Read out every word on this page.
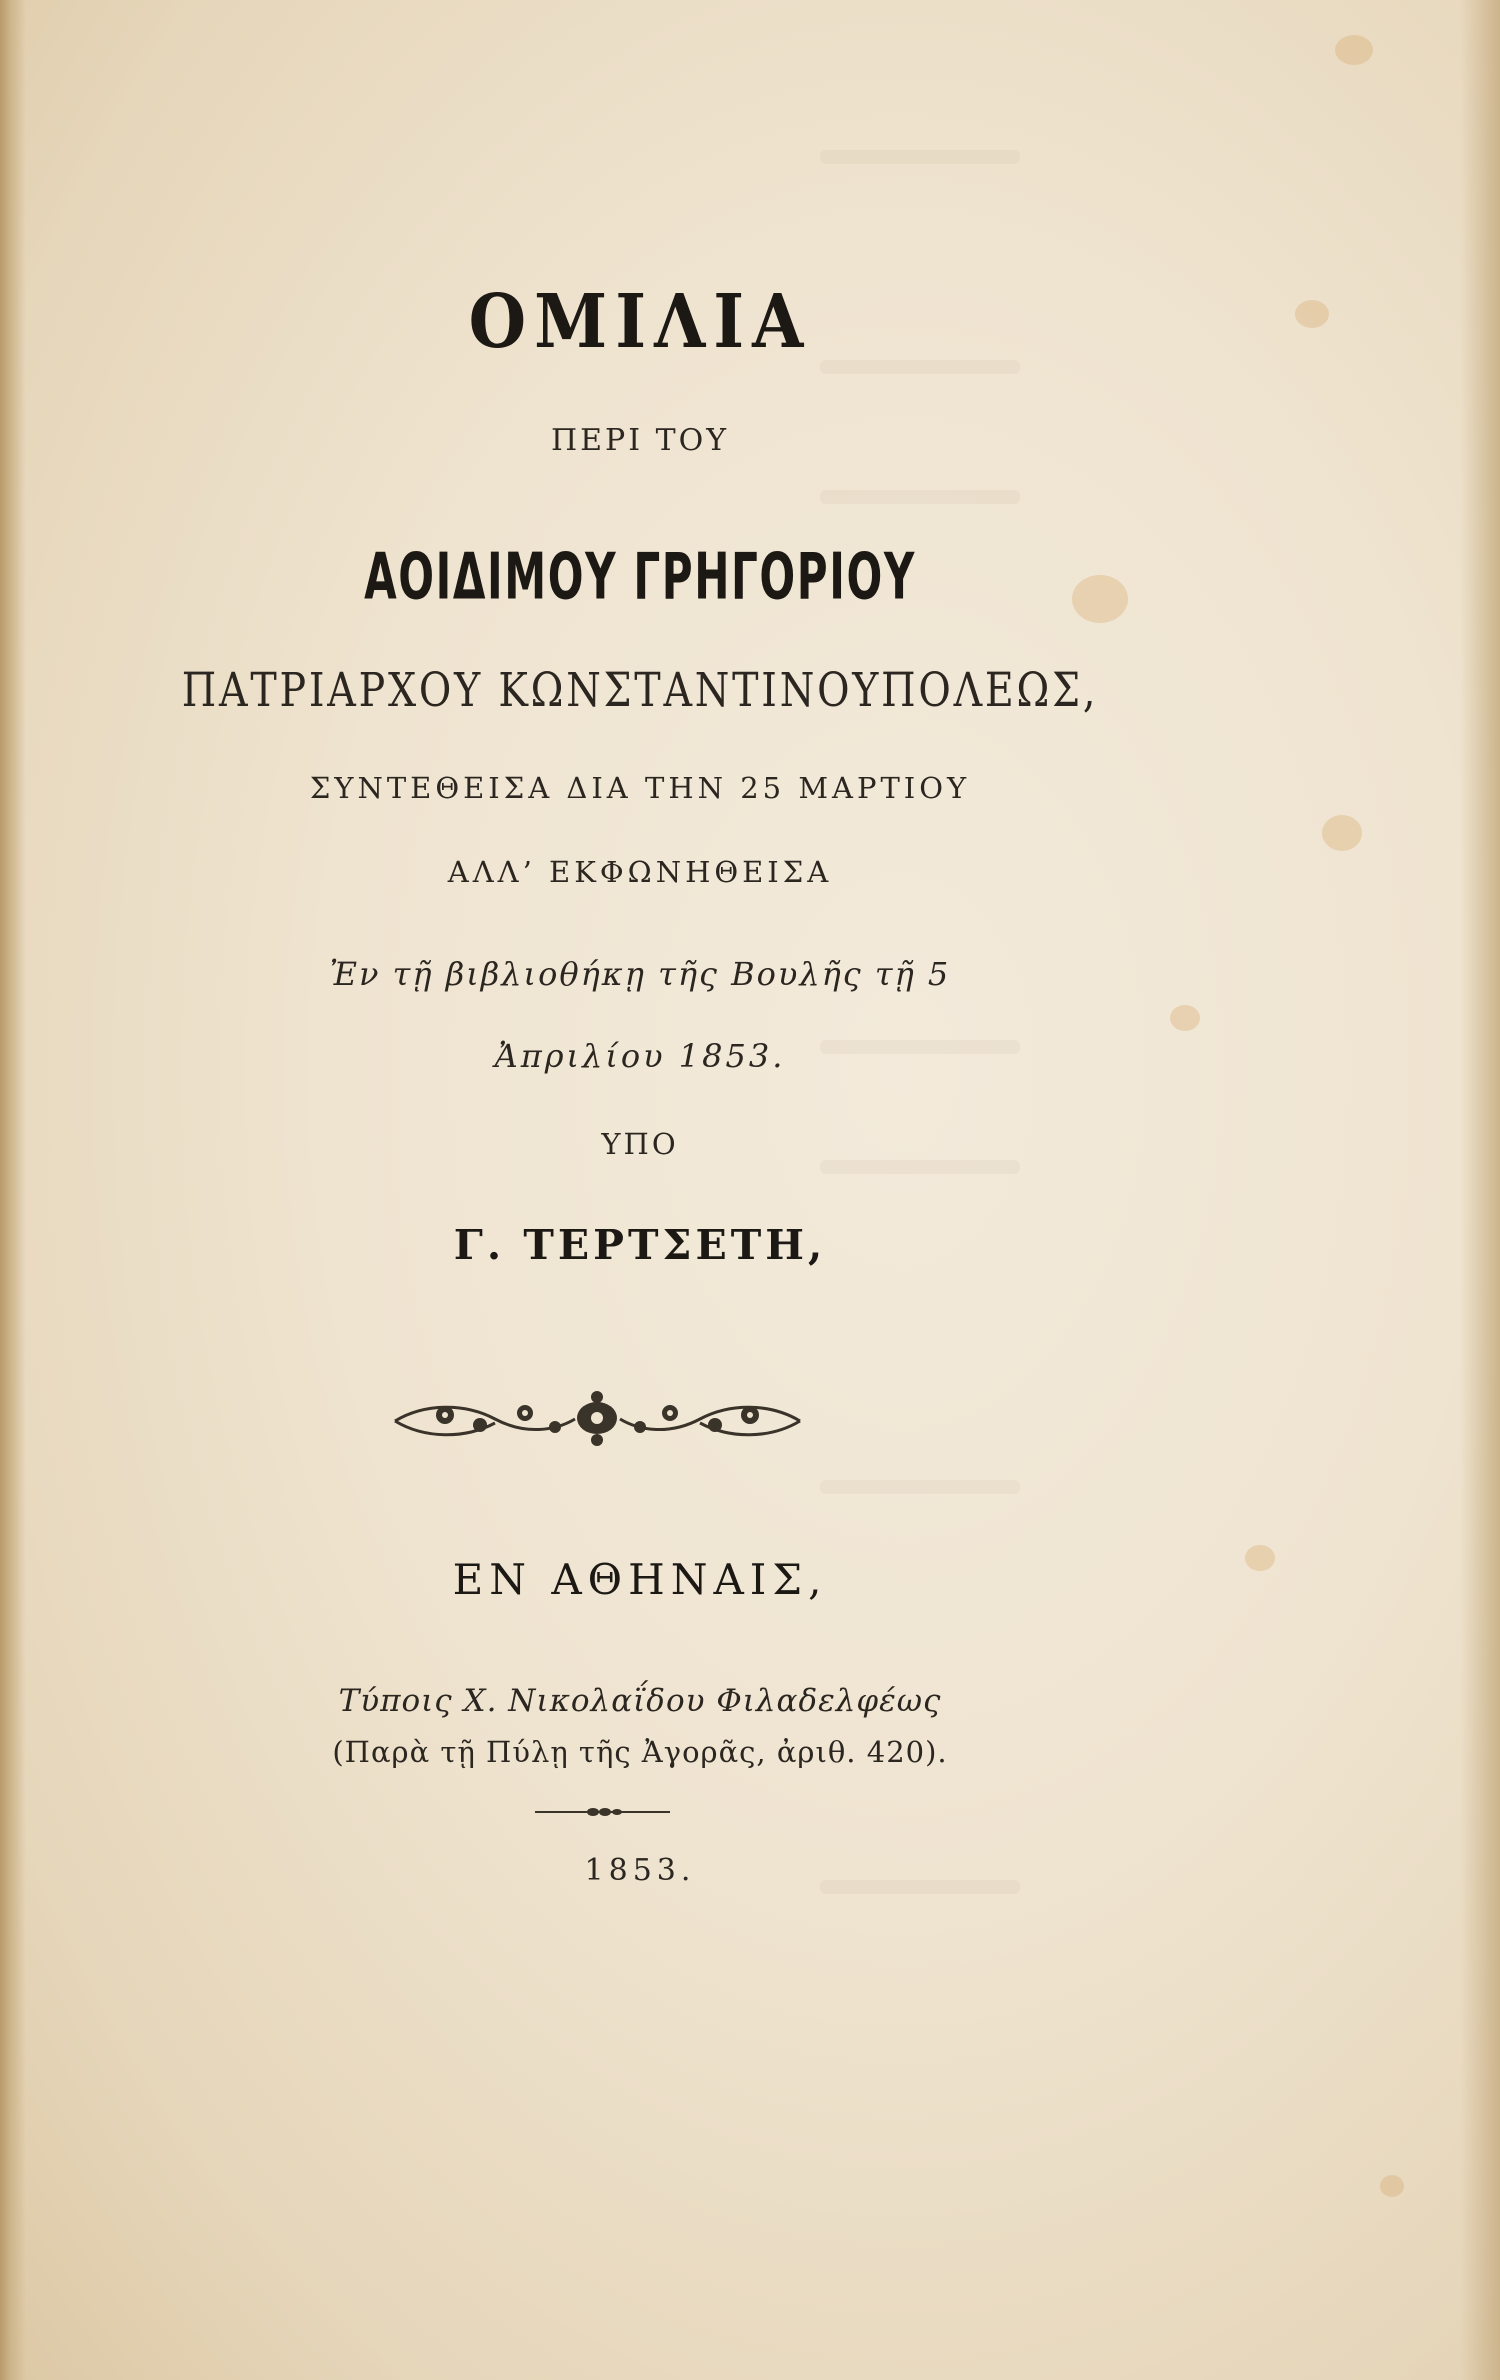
ΟΜΙΛΙΑ
ΠΕΡΙ ΤΟΥ
ΑΟΙΔΙΜΟΥ ΓΡΗΓΟΡΙΟΥ
ΠΑΤΡΙΑΡΧΟΥ ΚΩΝΣΤΑΝΤΙΝΟΥΠΟΛΕΩΣ,
ΣΥΝΤΕΘΕΙΣΑ ΔΙΑ ΤΗΝ 25 ΜΑΡΤΙΟΥ
ΑΛΛ’ ΕΚΦΩΝΗΘΕΙΣΑ
Ἐν τῇ βιβλιοθήκῃ τῆς Βουλῆς τῇ 5
Ἀπριλίου 1853.
ΥΠΟ
Γ. ΤΕΡΤΣΕΤΗ,
ΕΝ ΑΘΗΝΑΙΣ,
Τύποις Χ. Νικολαΐδου Φιλαδελφέως
(Παρὰ τῇ Πύλῃ τῆς Ἀγορᾶς, ἀριθ. 420).
1853.
